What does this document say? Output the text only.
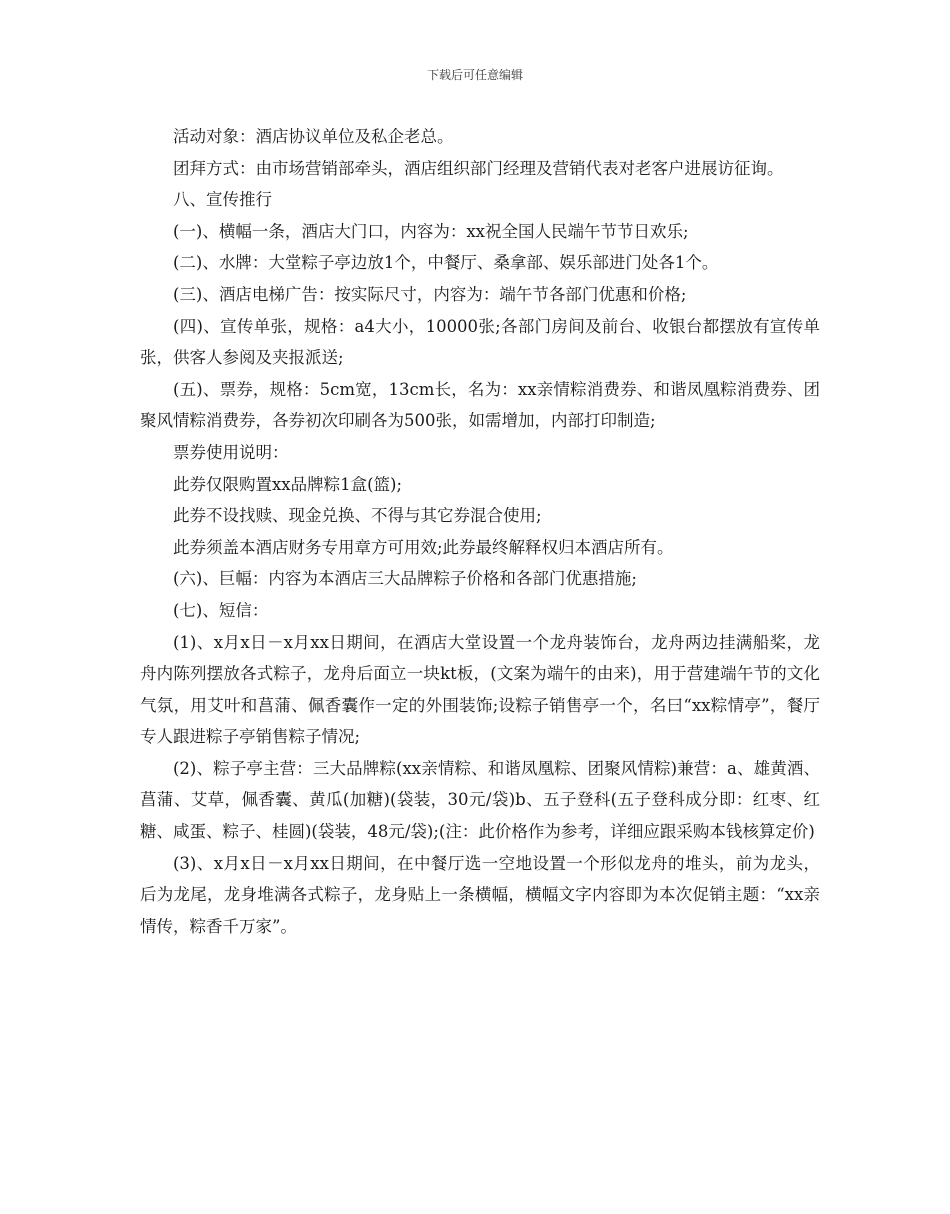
下载后可任意编辑

活动对象：酒店协议单位及私企老总。

团拜方式：由市场营销部牵头，酒店组织部门经理及营销代表对老客户进展访征询。

八、宣传推行

(一)、横幅一条，酒店大门口，内容为：xx祝全国人民端午节节日欢乐;

(二)、水牌：大堂粽子亭边放1个，中餐厅、桑拿部、娱乐部进门处各1个。

(三)、酒店电梯广告：按实际尺寸，内容为：端午节各部门优惠和价格;

(四)、宣传单张，规格：a4大小，10000张;各部门房间及前台、收银台都摆放有宣传单张，供客人参阅及夹报派送;

(五)、票券，规格：5cm宽，13cm长，名为：xx亲情粽消费券、和谐凤凰粽消费券、团聚风情粽消费券，各券初次印刷各为500张，如需增加，内部打印制造;

票券使用说明：

此券仅限购置xx品牌粽1盒(篮);

此券不设找赎、现金兑换、不得与其它券混合使用;

此券须盖本酒店财务专用章方可用效;此券最终解释权归本酒店所有。

(六)、巨幅：内容为本酒店三大品牌粽子价格和各部门优惠措施;

(七)、短信：

(1)、x月x日－x月xx日期间，在酒店大堂设置一个龙舟装饰台，龙舟两边挂满船桨，龙舟内陈列摆放各式粽子，龙舟后面立一块kt板，(文案为端午的由来)，用于营建端午节的文化气氛，用艾叶和菖蒲、佩香囊作一定的外围装饰;设粽子销售亭一个，名曰“xx粽情亭”，餐厅专人跟进粽子亭销售粽子情况;

(2)、粽子亭主营：三大品牌粽(xx亲情粽、和谐凤凰粽、团聚风情粽)兼营：a、雄黄酒、菖蒲、艾草，佩香囊、黄瓜(加糖)(袋装，30元/袋)b、五子登科(五子登科成分即：红枣、红糖、咸蛋、粽子、桂圆)(袋装，48元/袋);(注：此价格作为参考，详细应跟采购本钱核算定价)

(3)、x月x日－x月xx日期间，在中餐厅选一空地设置一个形似龙舟的堆头，前为龙头，后为龙尾，龙身堆满各式粽子，龙身贴上一条横幅，横幅文字内容即为本次促销主题：“xx亲情传，粽香千万家”。
